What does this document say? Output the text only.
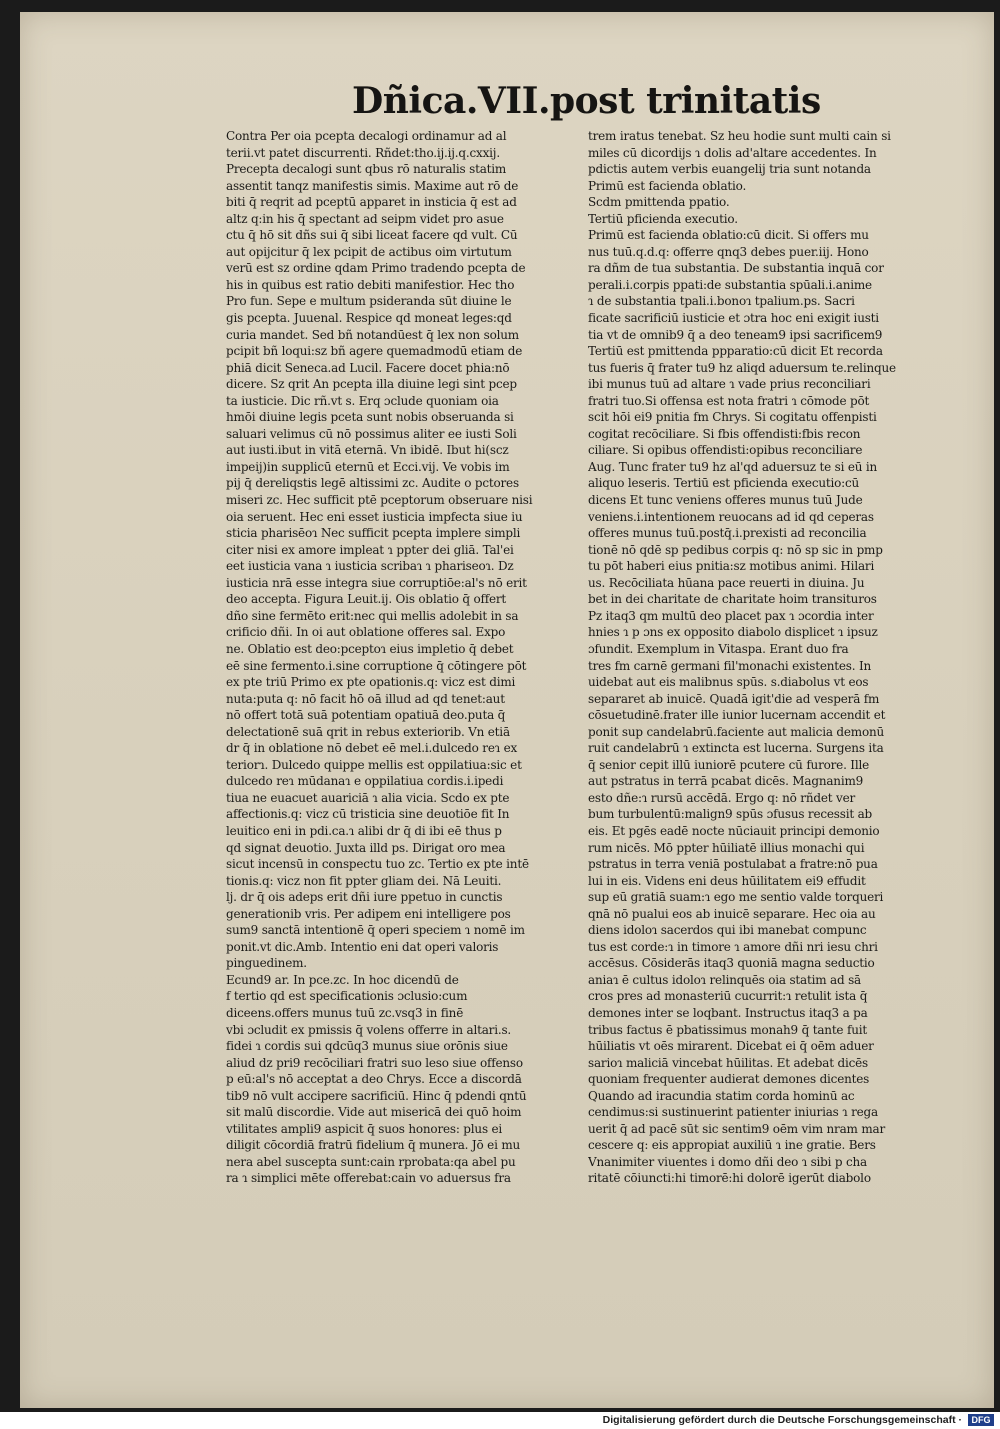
Dñica.VII.post trinitatis
Contra Per oia pcepta decalogi ordinamur ad al
terii.vt patet discurrenti. Rñdet:tho.ij.ij.q.cxxij.
Precepta decalogi sunt qbus rō naturalis statim
assentit tanqz manifestis simis. Maxime aut rō de
biti q̄ reqrit ad pceptū apparet in insticia q̄ est ad
altz q:in his q̄ spectant ad seipm videt pro asue
ctu q̄ hō sit dñs sui q̄ sibi liceat facere qd vult. Cū
aut opijcitur q̄ lex pcipit de actibus oim virtutum
verū est sz ordine qdam Primo tradendo pcepta de
his in quibus est ratio debiti manifestior. Hec tho
Pro fun. Sepe e multum psideranda sūt diuine le
gis pcepta. Juuenal. Respice qd moneat leges:qd
curia mandet. Sed bñ notandūest q̄ lex non solum
pcipit bñ loqui:sz bñ agere quemadmodū etiam de
phiā dicit Seneca.ad Lucil. Facere docet phia:nō
dicere. Sz qrit An pcepta illa diuine legi sint pcep
ta iusticie. Dic rñ.vt s. Erq ɔclude quoniam oia
hmōi diuine legis pceta sunt nobis obseruanda si
saluari velimus cū nō possimus aliter ee iusti Soli
aut iusti.ibut in vitā eternā. Vn ibidē. Ibut hi(scz
impeij)in supplicū eternū et Ecci.vij. Ve vobis im
pij q̄ dereliqstis legē altissimi zc. Audite o pctores
miseri zc. Hec sufficit ptē pceptorum obseruare nisi
oia seruent. Hec eni esset iusticia impfecta siue iu
sticia pharisēoɿ Nec sufficit pcepta implere simpli
citer nisi ex amore impleat ɿ ppter dei gliā. Tal'ei
eet iusticia vana ɿ iusticia scribaɿ ɿ phariseoɿ. Dz
iusticia nrā esse integra siue corruptiōe:al's nō erit
deo accepta. Figura Leuit.ij. Ois oblatio q̄ offert
dño sine fermēto erit:nec qui mellis adolebit in sa
crificio dñi. In oi aut oblatione offeres sal. Expo
ne. Oblatio est deo:pceptoɿ eius impletio q̄ debet
eē sine fermento.i.sine corruptione q̄ cōtingere pōt
ex pte triū Primo ex pte opationis.q: vicz est dimi
nuta:puta q: nō facit hō oā illud ad qd tenet:aut
nō offert totā suā potentiam opatiuā deo.puta q̄
delectationē suā qrit in rebus exteriorib. Vn etiā
dr q̄ in oblatione nō debet eē mel.i.dulcedo reɿ ex
teriorɿ. Dulcedo quippe mellis est oppilatiua:sic et
dulcedo reɿ mūdanaɿ e oppilatiua cordis.i.ipedi
tiua ne euacuet auariciā ɿ alia vicia. Scdo ex pte
affectionis.q: vicz cū tristicia sine deuotiōe fit In
leuitico eni in pdi.ca.ɿ alibi dr q̄ di ibi eē thus p
qd signat deuotio. Juxta illd ps. Dirigat oro mea
sicut incensū in conspectu tuo zc. Tertio ex pte intē
tionis.q: vicz non fit ppter gliam dei. Nā Leuiti.
lj. dr q̄ ois adeps erit dñi iure ppetuo in cunctis
generationib vris. Per adipem eni intelligere pos
sum9 sanctā intentionē q̄ operi speciem ɿ nomē im
ponit.vt dic.Amb. Intentio eni dat operi valoris
pinguedinem.
Ecund9 ar. In pce.zc. In hoc dicendū de
f tertio qd est specificationis ɔclusio:cum
diceens.offers munus tuū zc.vsq3 in finē
vbi ɔcludit ex pmissis q̄ volens offerre in altari.s.
fidei ɿ cordis sui qdcūq3 munus siue orōnis siue
aliud dz pri9 recōciliari fratri suo leso siue offenso
p eū:al's nō acceptat a deo Chrys. Ecce a discordā
tib9 nō vult accipere sacrificiū. Hinc q̄ pdendi qntū
sit malū discordie. Vide aut misericā dei quō hoim
vtilitates ampli9 aspicit q̄ suos honores: plus ei
diligit cōcordiā fratrū fidelium q̄ munera. Jō ei mu
nera abel suscepta sunt:cain rprobata:qa abel pu
ra ɿ simplici mēte offerebat:cain vo aduersus fra
trem iratus tenebat. Sz heu hodie sunt multi cain si
miles cū dicordijs ɿ dolis ad'altare accedentes. In
pdictis autem verbis euangelij tria sunt notanda
Primū est facienda oblatio.
Scdm pmittenda ppatio.
Tertiū pficienda executio.
Primū est facienda oblatio:cū dicit. Si offers mu
nus tuū.q.d.q: offerre qnq3 debes puer.iij. Hono
ra dñm de tua substantia. De substantia inquā cor
perali.i.corpis ppati:de substantia spūali.i.anime
ɿ de substantia tpali.i.bonoɿ tpalium.ps. Sacri
ficate sacrificiū iusticie et ɔtra hoc eni exigit iusti
tia vt de omnib9 q̄ a deo teneam9 ipsi sacrificem9
Tertiū est pmittenda ppparatio:cū dicit Et recorda
tus fueris q̄ frater tu9 hz aliqd aduersum te.relinque
ibi munus tuū ad altare ɿ vade prius reconciliari
fratri tuo.Si offensa est nota fratri ɿ cōmode pōt
scit hōi ei9 pnitia fm Chrys. Si cogitatu offenpisti
cogitat recōciliare. Si fbis offendisti:fbis recon
ciliare. Si opibus offendisti:opibus reconciliare
Aug. Tunc frater tu9 hz al'qd aduersuz te si eū in
aliquo leseris. Tertiū est pficienda executio:cū
dicens Et tunc veniens offeres munus tuū Jude
veniens.i.intentionem reuocans ad id qd ceperas
offeres munus tuū.postq̄.i.prexisti ad reconcilia
tionē nō qdē sp pedibus corpis q: nō sp sic in pmp
tu pōt haberi eius pnitia:sz motibus animi. Hilari
us. Recōciliata hūana pace reuerti in diuina. Ju
bet in dei charitate de charitate hoim transituros
Pz itaq3 qm multū deo placet pax ɿ ɔcordia inter
hnies ɿ p ɔns ex opposito diabolo displicet ɿ ipsuz
ɔfundit. Exemplum in Vitaspa. Erant duo fra
tres fm carnē germani fil'monachi existentes. In
uidebat aut eis malibnus spūs. s.diabolus vt eos
separaret ab inuicē. Quadā igit'die ad vesperā fm
cōsuetudinē.frater ille iunior lucernam accendit et
ponit sup candelabrū.faciente aut malicia demonū
ruit candelabrū ɿ extincta est lucerna. Surgens ita
q̄ senior cepit illū iuniorē pcutere cū furore. Ille
aut pstratus in terrā pcabat dicēs. Magnanim9
esto dñe:ɿ rursū accēdā. Ergo q: nō rñdet ver
bum turbulentū:malign9 spūs ɔfusus recessit ab
eis. Et pgēs eadē nocte nūciauit principi demonio
rum nicēs. Mō ppter hūiliatē illius monachi qui
pstratus in terra veniā postulabat a fratre:nō pua
lui in eis. Videns eni deus hūilitatem ei9 effudit
sup eū gratiā suam:ɿ ego me sentio valde torqueri
qnā nō pualui eos ab inuicē separare. Hec oia au
diens idoloɿ sacerdos qui ibi manebat compunc
tus est corde:ɿ in timore ɿ amore dñi nri iesu chri
accēsus. Cōsiderās itaq3 quoniā magna seductio
aniaɿ ē cultus idoloɿ relinquēs oia statim ad sā
cros pres ad monasteriū cucurrit:ɿ retulit ista q̄
demones inter se loqbant. Instructus itaq3 a pa
tribus factus ē pbatissimus monah9 q̄ tante fuit
hūiliatis vt oēs mirarent. Dicebat ei q̄ oēm aduer
sarioɿ maliciā vincebat hūilitas. Et adebat dicēs
quoniam frequenter audierat demones dicentes
Quando ad iracundia statim corda hominū ac
cendimus:si sustinuerint patienter iniurias ɿ rega
uerit q̄ ad pacē sūt sic sentim9 oēm vim nram mar
cescere q: eis appropiat auxiliū ɿ ine gratie. Bers
Vnanimiter viuentes i domo dñi deo ɿ sibi p cha
ritatē cōiuncti:hi timorē:hi dolorē igerūt diabolo
Digitalisierung gefördert durch die Deutsche Forschungsgemeinschaft ·	DFG
